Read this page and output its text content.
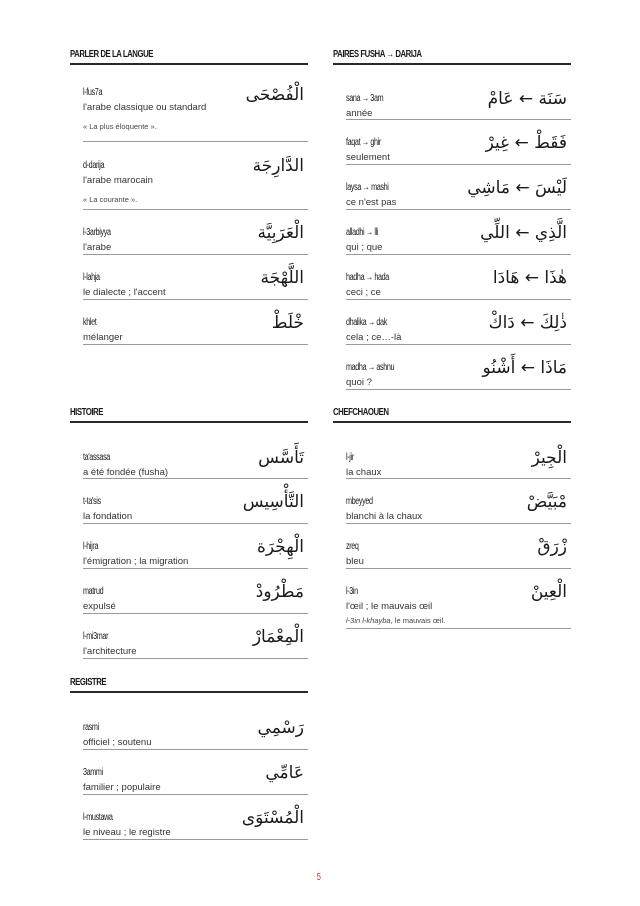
PARLER DE LA LANGUE
l-fus7a
l'arabe classique ou standard
« La plus éloquente ».
الْفُصْحَى
d-darija
l'arabe marocain
« La courante ».
الدَّارِجَة
l-3arbiyya
l'arabe
الْعَرَبِيَّة
l-lahja
le dialecte ; l'accent
اللَّهْجَة
khlet
mélanger
خْلَطْ
PAIRES FUSHA → DARIJA
sana → 3am
année
سَنَة ← عَامْ
faqat → ghir
seulement
فَقَطْ ← غِيرْ
laysa → mashi
ce n'est pas
لَيْسَ ← مَاشِي
alladhi → lli
qui ; que
الَّذِي ← اللِّي
hadha → hada
ceci ; ce
هٰذَا ← هَادَا
dhalika → dak
cela ; ce…-là
ذٰلِكَ ← دَاكْ
madha → ashnu
quoi ?
مَاذَا ← أَشْنُو
HISTOIRE
ta'assasa
a été fondée (fusha)
تَأَسَّس
t-ta'sis
la fondation
التَّأْسِيس
l-hijra
l'émigration ; la migration
الْهِجْرَة
matrud
expulsé
مَطْرُودْ
l-mi3mar
l'architecture
الْمِعْمَارْ
CHEFCHAOUEN
l-jir
la chaux
الْجِيرْ
mbeyyed
blanchi à la chaux
مْبَيَّضْ
zreq
bleu
زْرَقْ
l-3in
l'œil ; le mauvais œil
l-3in l-khayba, le mauvais œil.
الْعِينْ
REGISTRE
rasmi
officiel ; soutenu
رَسْمِي
3ammi
familier ; populaire
عَامِّي
l-mustawa
le niveau ; le registre
الْمُسْتَوَى
5
